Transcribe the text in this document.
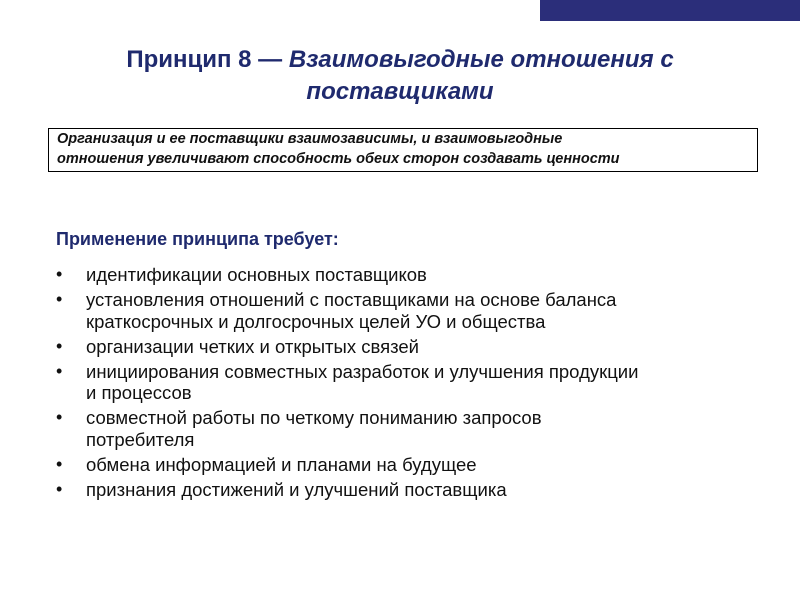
Принцип 8 — Взаимовыгодные отношения с
поставщиками
Организация и ее поставщики взаимозависимы, и взаимовыгодные
отношения увеличивают способность обеих сторон создавать ценности
Применение принципа требует:
•	идентификации основных поставщиков
•	установления отношений с поставщиками на основе баланса
краткосрочных и долгосрочных целей УО и общества
•	организации четких и открытых связей
•	инициирования совместных разработок и улучшения продукции
и процессов
•	совместной работы по четкому пониманию запросов
потребителя
•	обмена информацией и планами на будущее
•	признания достижений и улучшений поставщика
